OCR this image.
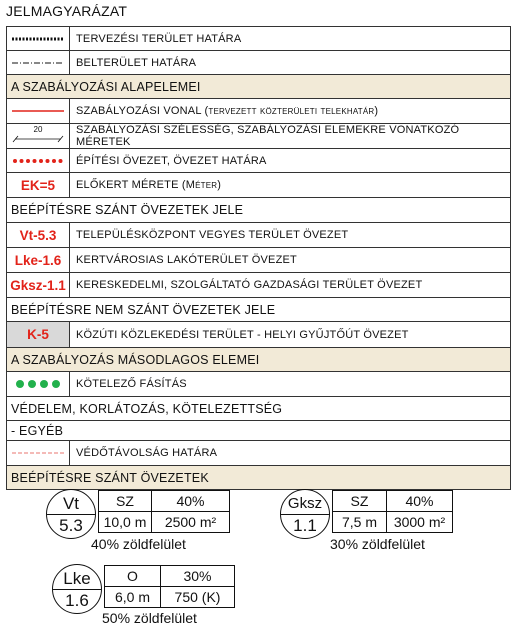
JELMAGYARÁZAT
TERVEZÉSI TERÜLET HATÁRA
BELTERÜLET HATÁRA
A SZABÁLYOZÁSI ALAPELEMEI
SZABÁLYOZÁSI VONAL (tervezett közterületi telekhatár)
20	SZABÁLYOZÁSI SZÉLESSÉG, SZABÁLYOZÁSI ELEMEKRE VONATKOZÓ MÉRETEK
ÉPÍTÉSI ÖVEZET, ÖVEZET HATÁRA
EK=5	ELŐKERT MÉRETE (Méter)
BEÉPÍTÉSRE SZÁNT ÖVEZETEK JELE
Vt-5.3	TELEPÜLÉSKÖZPONT VEGYES TERÜLET ÖVEZET
Lke-1.6	KERTVÁROSIAS LAKÓTERÜLET ÖVEZET
Gksz-1.1 KERESKEDELMI, SZOLGÁLTATÓ GAZDASÁGI TERÜLET ÖVEZET
BEÉPÍTÉSRE NEM SZÁNT ÖVEZETEK JELE
K-5	KÖZÚTI KÖZLEKEDÉSI TERÜLET - HELYI GYŰJTŐÚT ÖVEZET
A SZABÁLYOZÁS MÁSODLAGOS ELEMEI
KÖTELEZŐ FÁSÍTÁS
VÉDELEM, KORLÁTOZÁS, KÖTELEZETTSÉG
- EGYÉB
VÉDŐTÁVOLSÁG HATÁRA
BEÉPÍTÉSRE SZÁNT ÖVEZETEK
Vt
5.3
SZ	40%
10,0 m	2500 m²
40% zöldfelület
Gksz
1.1
SZ	40%
7,5 m	3000 m²
30% zöldfelület
Lke
1.6
O	30%
6,0 m	750 (K)
50% zöldfelület
